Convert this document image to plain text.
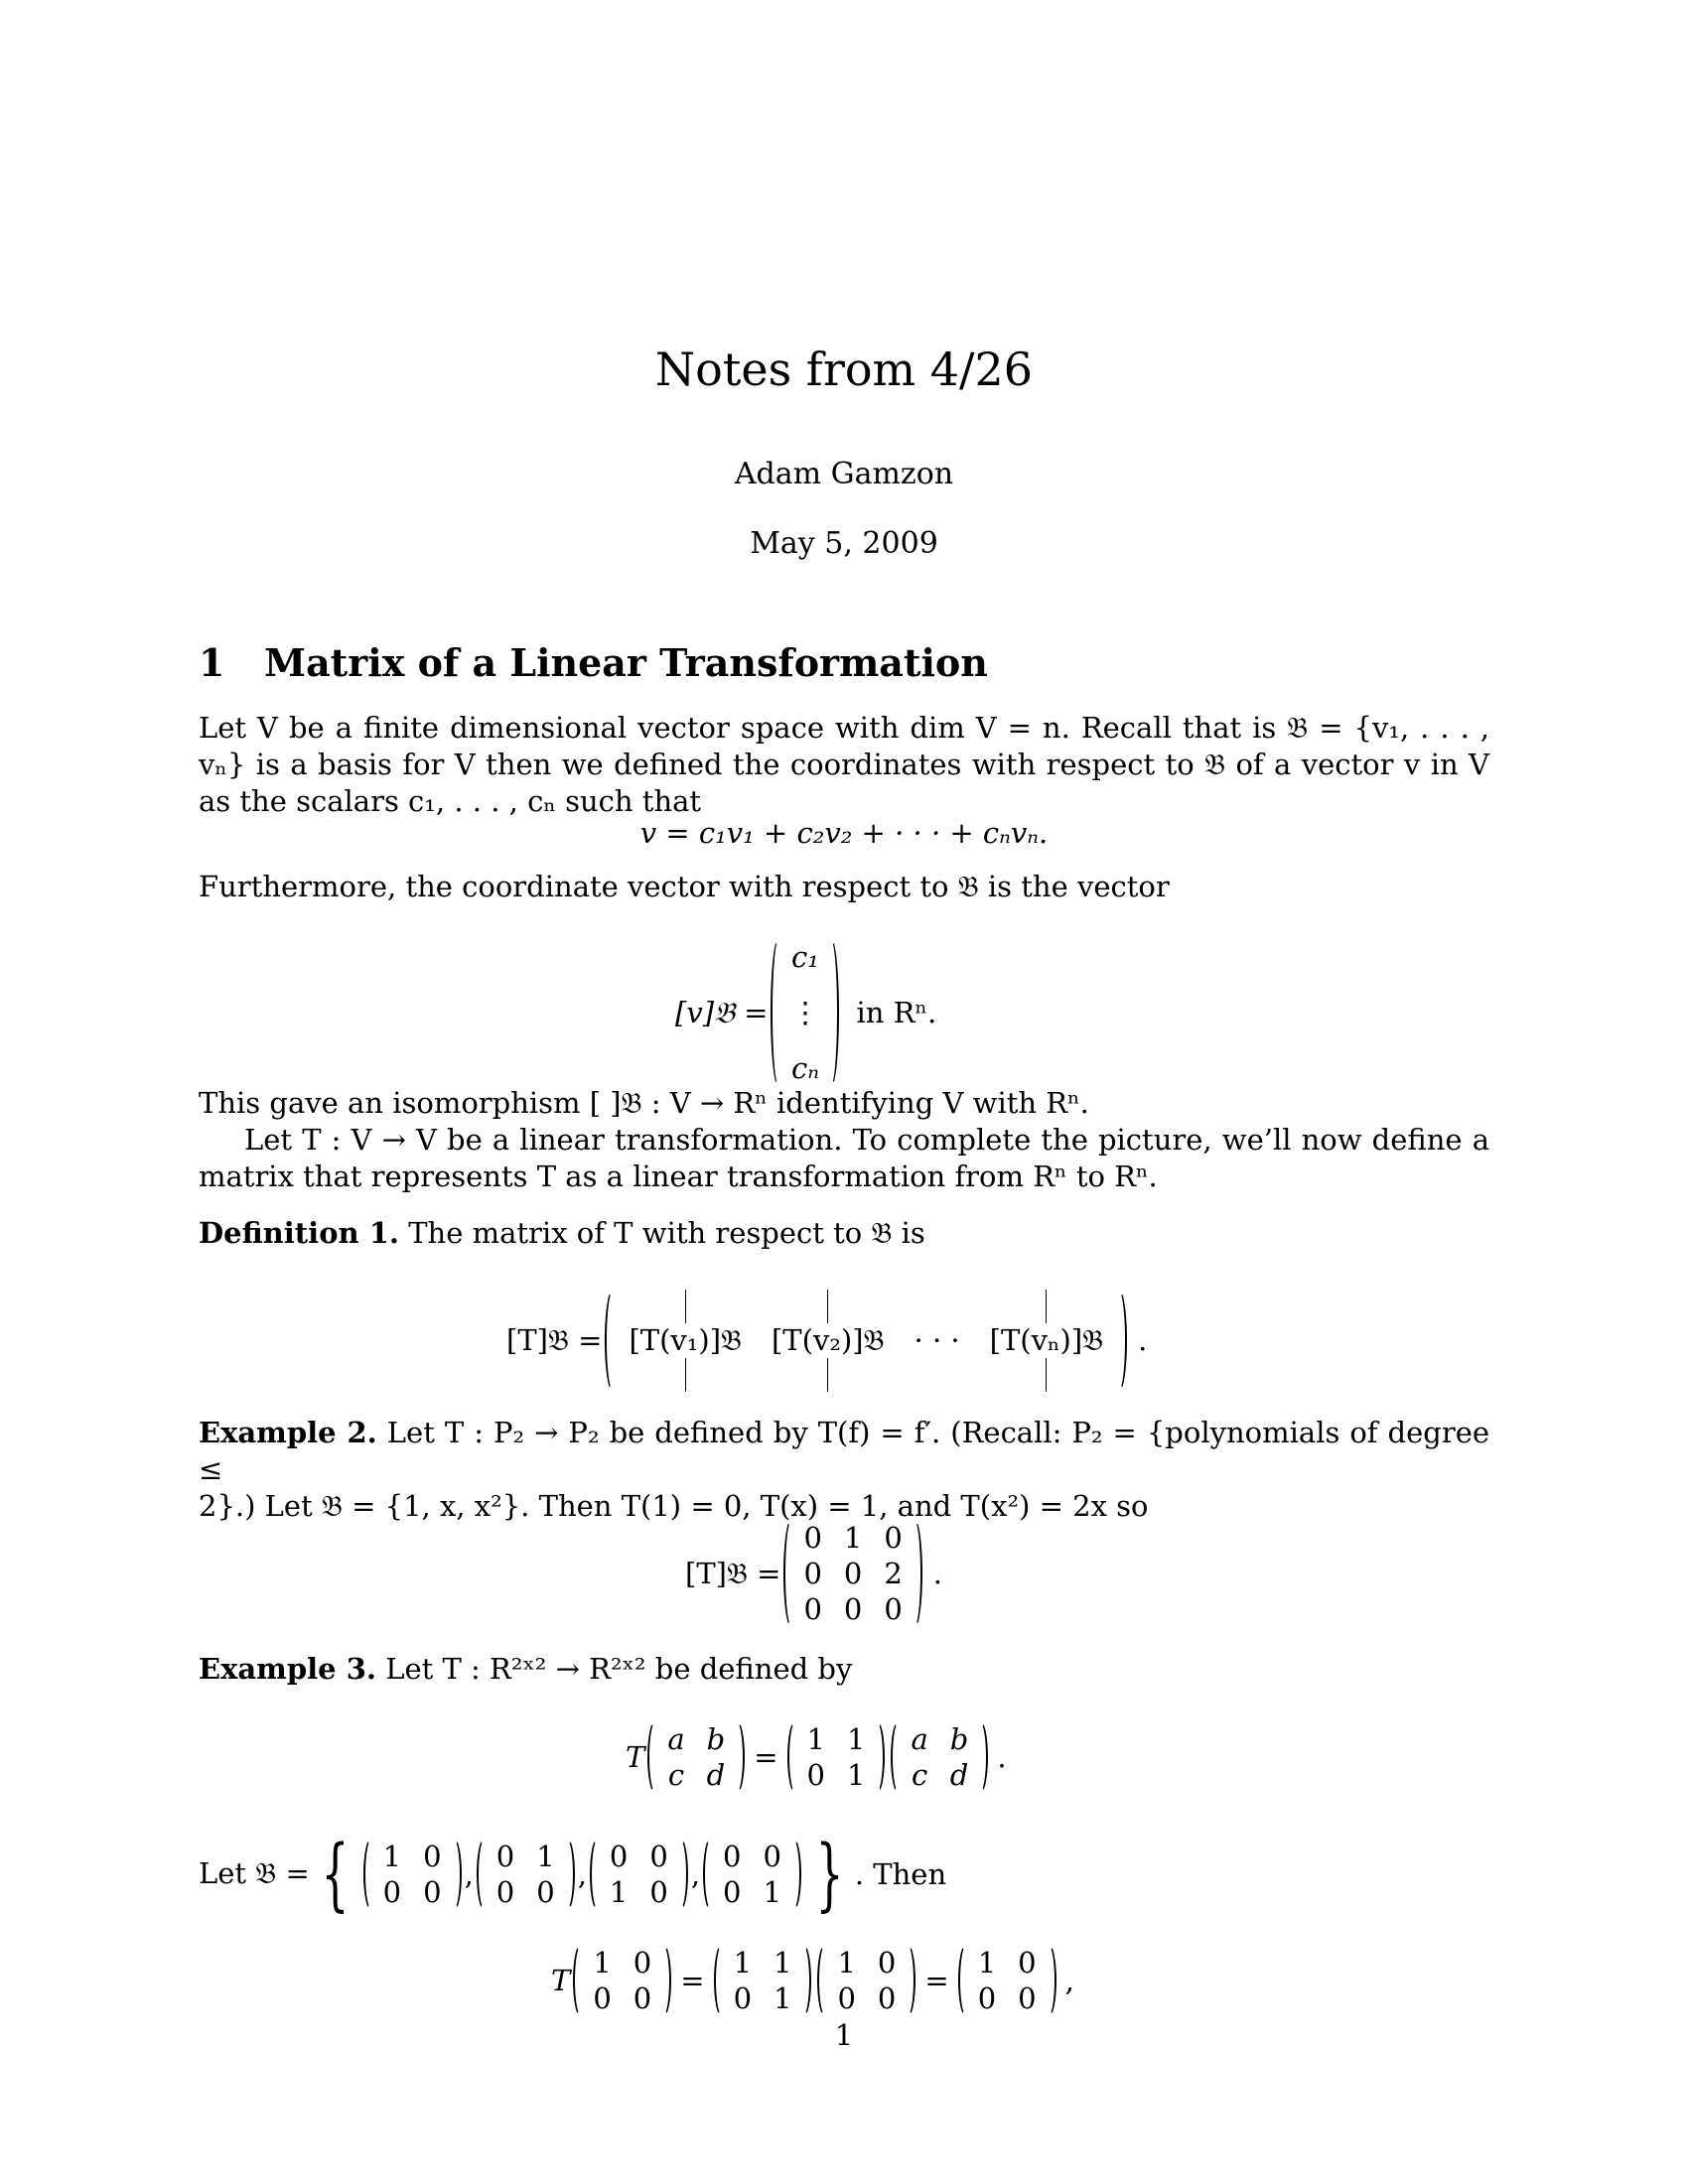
Notes from 4/26
Adam Gamzon
May 5, 2009
1 Matrix of a Linear Transformation
Let V be a finite dimensional vector space with dim V = n. Recall that is 𝔅 = {v₁, . . . , vₙ} is a basis for V then we defined the coordinates with respect to 𝔅 of a vector v in V as the scalars c₁, . . . , cₙ such that
v = c₁v₁ + c₂v₂ + · · · + cₙvₙ.
Furthermore, the coordinate vector with respect to 𝔅 is the vector
[v]𝔅 =
c₁
⋮
cₙ
in Rⁿ.
This gave an isomorphism [ ]𝔅 : V → Rⁿ identifying V with Rⁿ.
Let T : V → V be a linear transformation. To complete the picture, we’ll now define a matrix that represents T as a linear transformation from Rⁿ to Rⁿ.
Definition 1. The matrix of T with respect to 𝔅 is
[T]𝔅 = [T(v₁)]𝔅 [T(v₂)]𝔅 · · · [T(vₙ)]𝔅 .
Example 2. Let T : P₂ → P₂ be defined by T(f) = f′. (Recall: P₂ = {polynomials of degree ≤
2}.) Let 𝔅 = {1, x, x²}. Then T(1) = 0, T(x) = 1, and T(x²) = 2x so
[T]𝔅 =
0 1 0
0 0 2
0 0 0
.
Example 3. Let T : R²ˣ² → R²ˣ² be defined by
T
a b
c d
=
1 1
0 1
a b
c d
.
Let 𝔅 = { 1 0
0 0
,
0 1
0 0
,
0 0
1 0
,
0 0
0 1 } . Then
T
1 0
0 0
=
1 1
0 1
1 0
0 0
=
1 0
0 0
,
1
